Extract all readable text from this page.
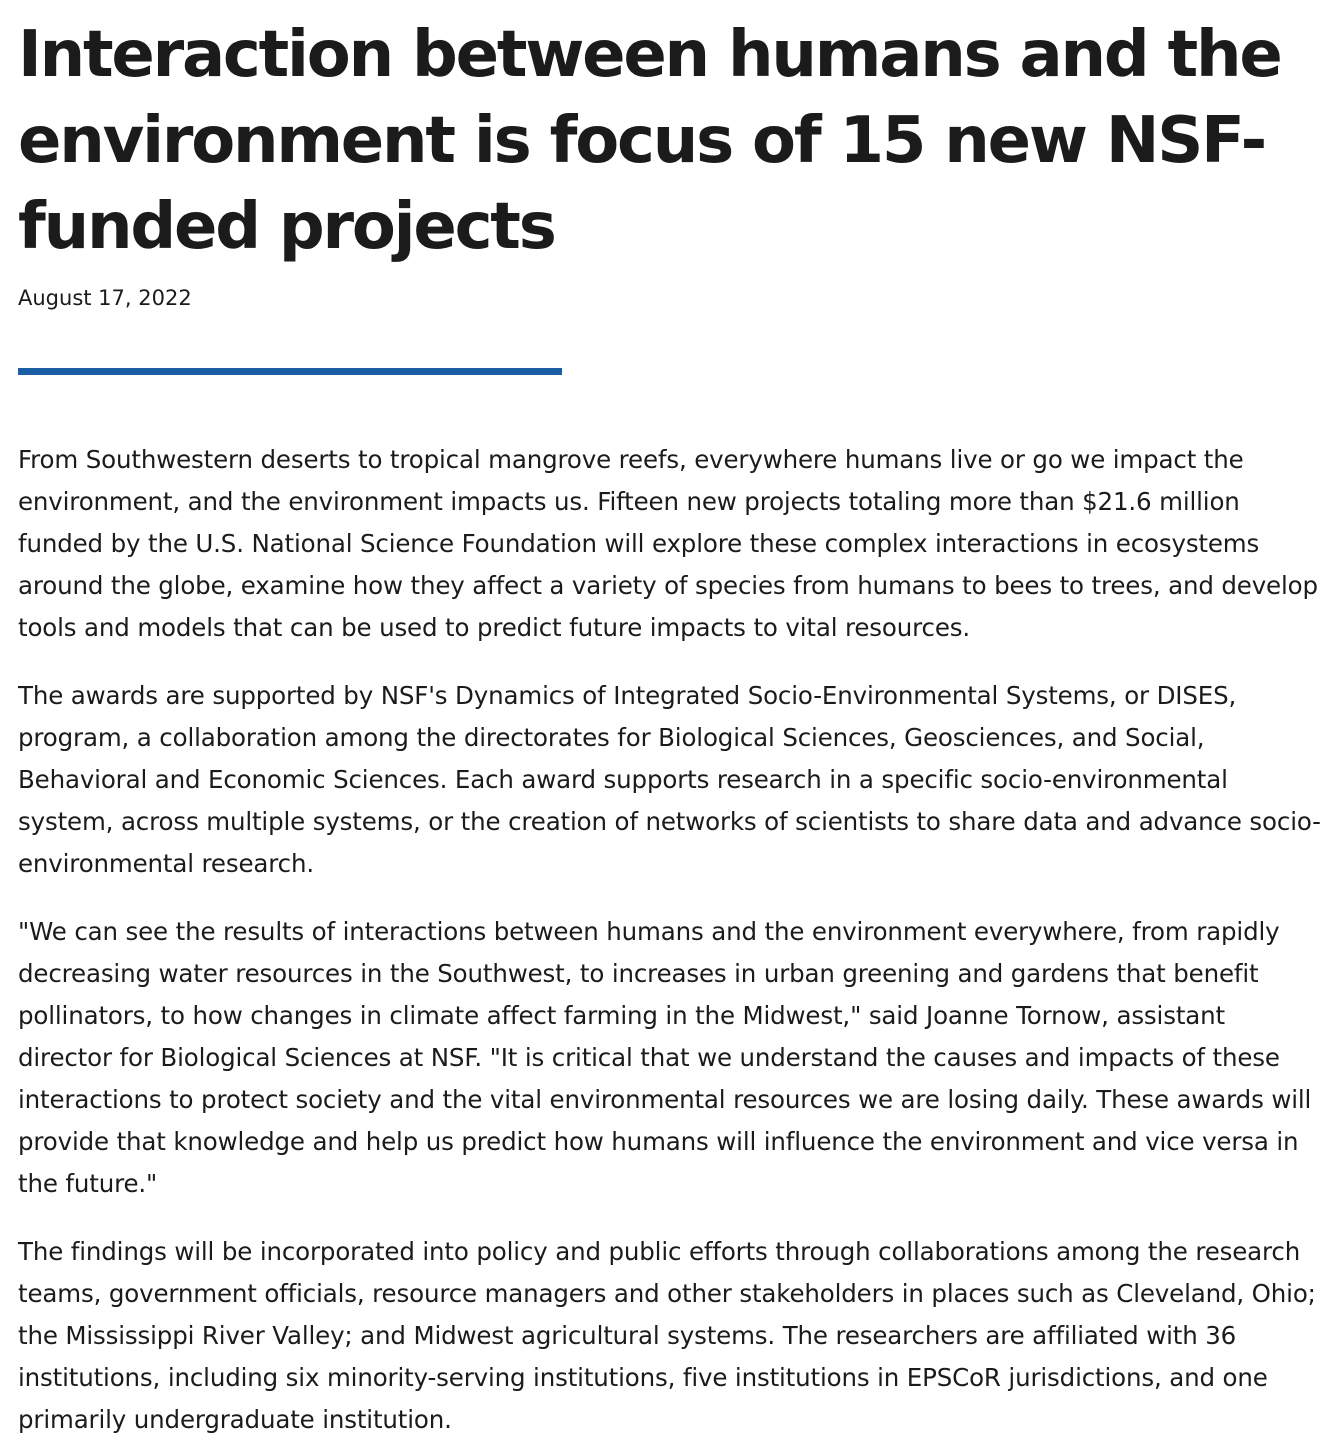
Interaction between humans and the environment is focus of 15 new NSF-funded projects
August 17, 2022

From Southwestern deserts to tropical mangrove reefs, everywhere humans live or go we impact the environment, and the environment impacts us. Fifteen new projects totaling more than $21.6 million funded by the U.S. National Science Foundation will explore these complex interactions in ecosystems around the globe, examine how they affect a variety of species from humans to bees to trees, and develop tools and models that can be used to predict future impacts to vital resources.

The awards are supported by NSF's Dynamics of Integrated Socio-Environmental Systems, or DISES, program, a collaboration among the directorates for Biological Sciences, Geosciences, and Social, Behavioral and Economic Sciences. Each award supports research in a specific socio-environmental system, across multiple systems, or the creation of networks of scientists to share data and advance socio-environmental research.

"We can see the results of interactions between humans and the environment everywhere, from rapidly decreasing water resources in the Southwest, to increases in urban greening and gardens that benefit pollinators, to how changes in climate affect farming in the Midwest," said Joanne Tornow, assistant director for Biological Sciences at NSF. "It is critical that we understand the causes and impacts of these interactions to protect society and the vital environmental resources we are losing daily. These awards will provide that knowledge and help us predict how humans will influence the environment and vice versa in the future."

The findings will be incorporated into policy and public efforts through collaborations among the research teams, government officials, resource managers and other stakeholders in places such as Cleveland, Ohio; the Mississippi River Valley; and Midwest agricultural systems. The researchers are affiliated with 36 institutions, including six minority-serving institutions, five institutions in EPSCoR jurisdictions, and one primarily undergraduate institution.
